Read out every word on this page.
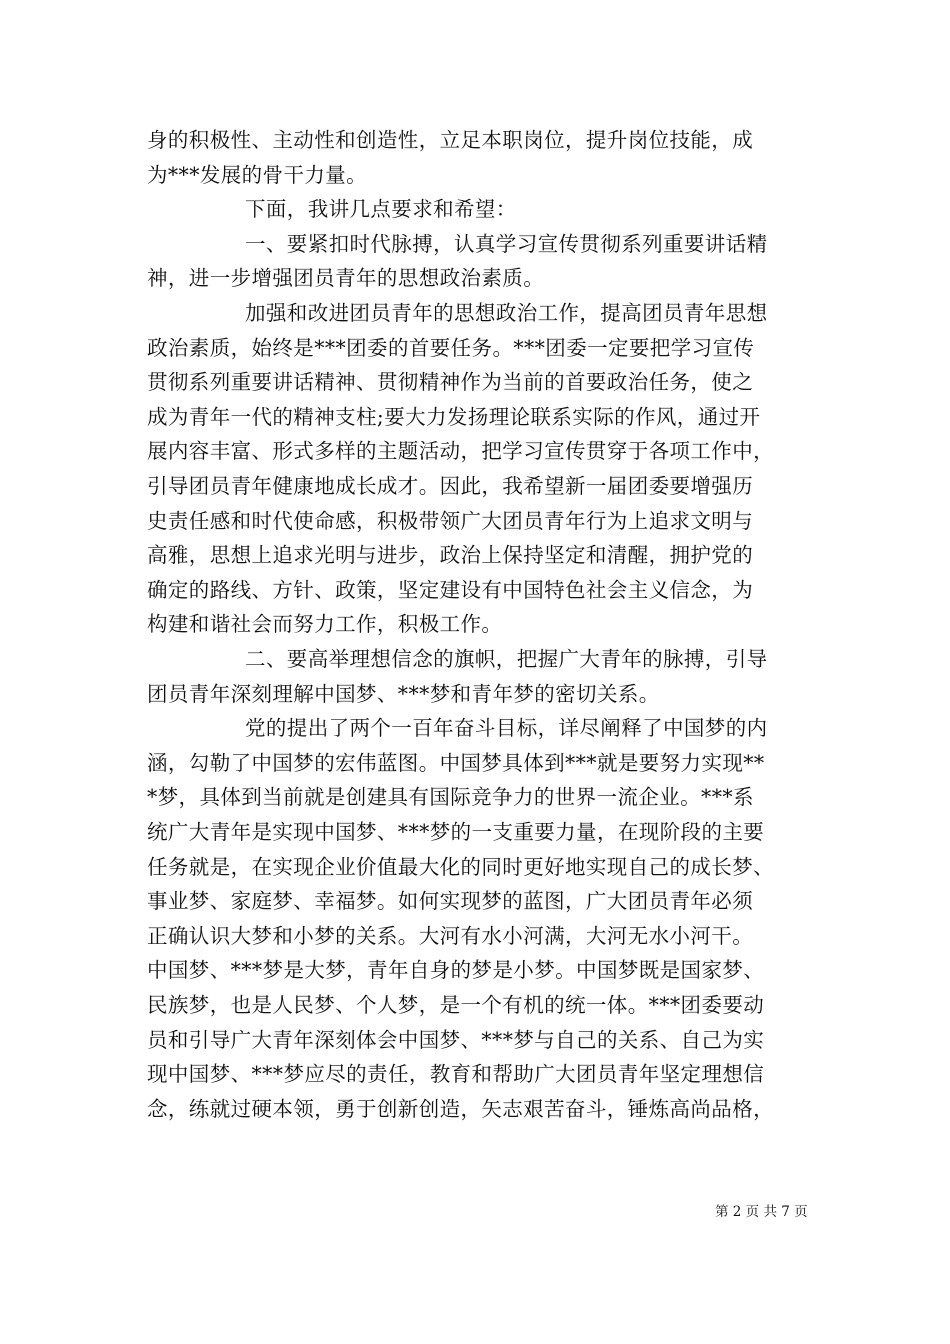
身的积极性、主动性和创造性，立足本职岗位，提升岗位技能，成
为***发展的骨干力量。
下面，我讲几点要求和希望：
一、要紧扣时代脉搏，认真学习宣传贯彻系列重要讲话精
神，进一步增强团员青年的思想政治素质。
加强和改进团员青年的思想政治工作，提高团员青年思想
政治素质，始终是***团委的首要任务。***团委一定要把学习宣传
贯彻系列重要讲话精神、贯彻精神作为当前的首要政治任务，使之
成为青年一代的精神支柱;要大力发扬理论联系实际的作风，通过开
展内容丰富、形式多样的主题活动，把学习宣传贯穿于各项工作中，
引导团员青年健康地成长成才。因此，我希望新一届团委要增强历
史责任感和时代使命感，积极带领广大团员青年行为上追求文明与
高雅，思想上追求光明与进步，政治上保持坚定和清醒，拥护党的
确定的路线、方针、政策，坚定建设有中国特色社会主义信念，为
构建和谐社会而努力工作，积极工作。
二、要高举理想信念的旗帜，把握广大青年的脉搏，引导
团员青年深刻理解中国梦、***梦和青年梦的密切关系。
党的提出了两个一百年奋斗目标，详尽阐释了中国梦的内
涵，勾勒了中国梦的宏伟蓝图。中国梦具体到***就是要努力实现**
*梦，具体到当前就是创建具有国际竞争力的世界一流企业。***系
统广大青年是实现中国梦、***梦的一支重要力量，在现阶段的主要
任务就是，在实现企业价值最大化的同时更好地实现自己的成长梦、
事业梦、家庭梦、幸福梦。如何实现梦的蓝图，广大团员青年必须
正确认识大梦和小梦的关系。大河有水小河满，大河无水小河干。
中国梦、***梦是大梦，青年自身的梦是小梦。中国梦既是国家梦、
民族梦，也是人民梦、个人梦，是一个有机的统一体。***团委要动
员和引导广大青年深刻体会中国梦、***梦与自己的关系、自己为实
现中国梦、***梦应尽的责任，教育和帮助广大团员青年坚定理想信
念，练就过硬本领，勇于创新创造，矢志艰苦奋斗，锤炼高尚品格，
第 2 页 共 7 页
